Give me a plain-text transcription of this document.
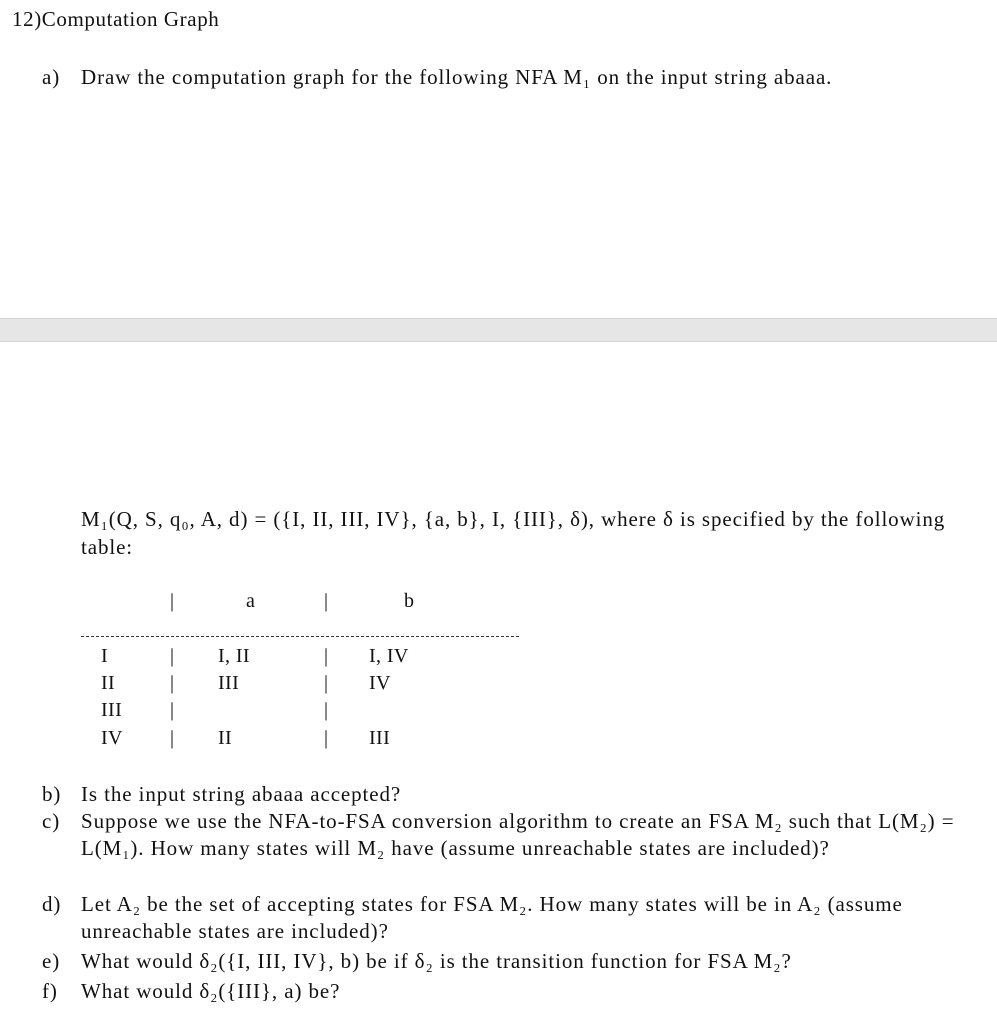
12)Computation Graph
a) Draw the computation graph for the following NFA M₁ on the input string abaaa.
M₁(Q, S, q₀, A, d) = ({I, II, III, IV}, {a, b}, I, {III}, δ), where δ is specified by the following table:
|	a	|	b
I	| I, II	| I, IV
II	| III	| IV
III |	|
IV | II	| III
b) Is the input string abaaa accepted?
c) Suppose we use the NFA-to-FSA conversion algorithm to create an FSA M₂ such that L(M₂) = L(M₁). How many states will M₂ have (assume unreachable states are included)?
d) Let A₂ be the set of accepting states for FSA M₂. How many states will be in A₂ (assume unreachable states are included)?
e) What would δ₂({I, III, IV}, b) be if δ₂ is the transition function for FSA M₂?
f) What would δ₂({III}, a) be?
